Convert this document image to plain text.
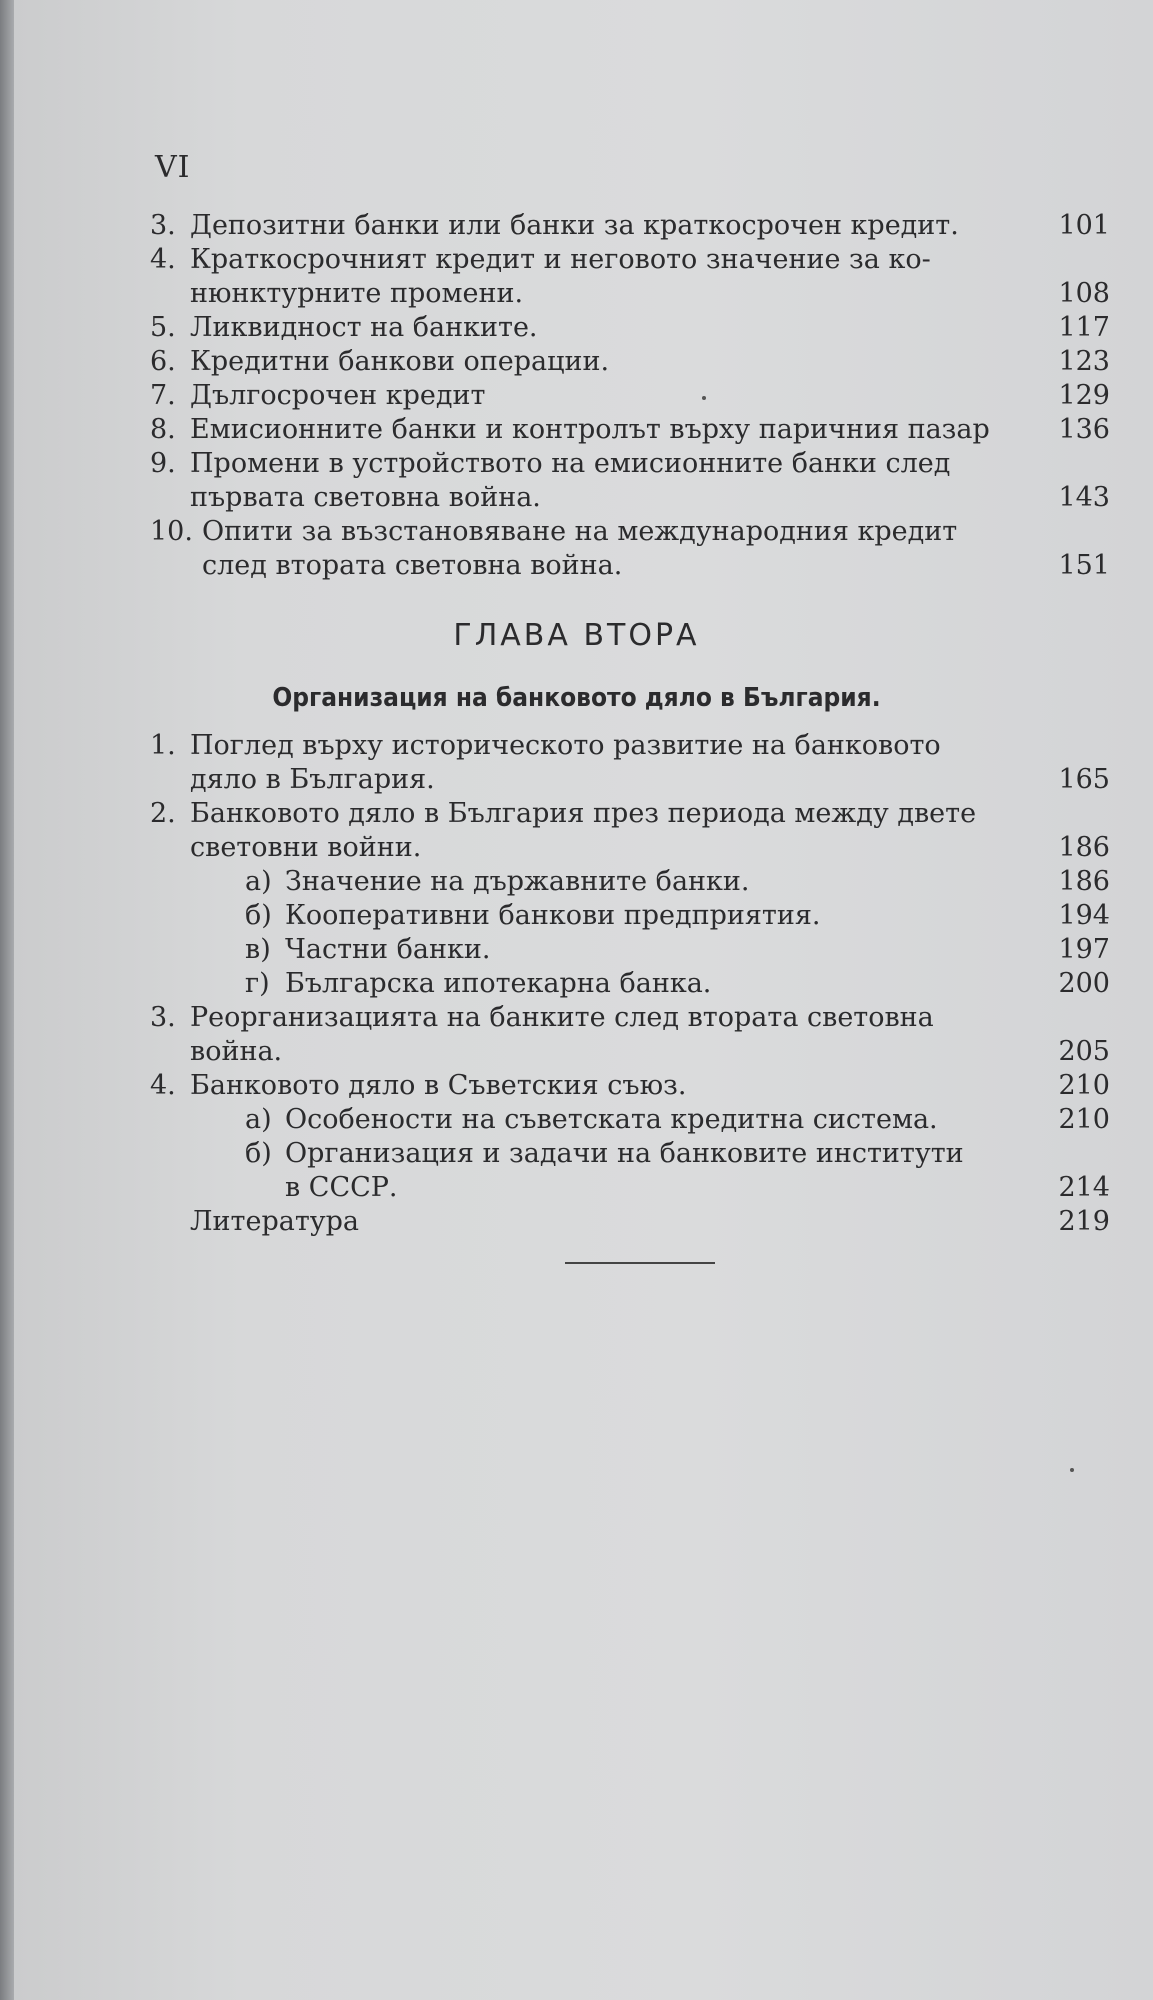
VI
3. Депозитни банки или банки за краткосрочен кредит.	101
4. Краткосрочният кредит и неговото значение за ко-
нюнктурните промени.	108
5. Ликвидност на банките.	117
6. Кредитни банкови операции.	123
7. Дългосрочен кредит	129
8. Емисионните банки и контролът върху паричния пазар	136
9. Промени в устройството на емисионните банки след
първата световна война.	143
10. Опити за възстановяване на международния кредит
след втората световна война.	151
1. Поглед върху историческото развитие на банковото
дяло в България.	165
2. Банковото дяло в България през периода между двете
световни войни.	186
а) Значение на държавните банки.	186
б) Кооперативни банкови предприятия.	194
в) Частни банки.	197
г) Българска ипотекарна банка.	200
3. Реорганизацията на банките след втората световна
война.	205
4. Банковото дяло в Съветския съюз.	210
а) Особености на съветската кредитна система.	210
б) Организация и задачи на банковите институти
в СССР.	214
Литература	219
ГЛАВА ВТОРА
Организация на банковото дяло в България.
